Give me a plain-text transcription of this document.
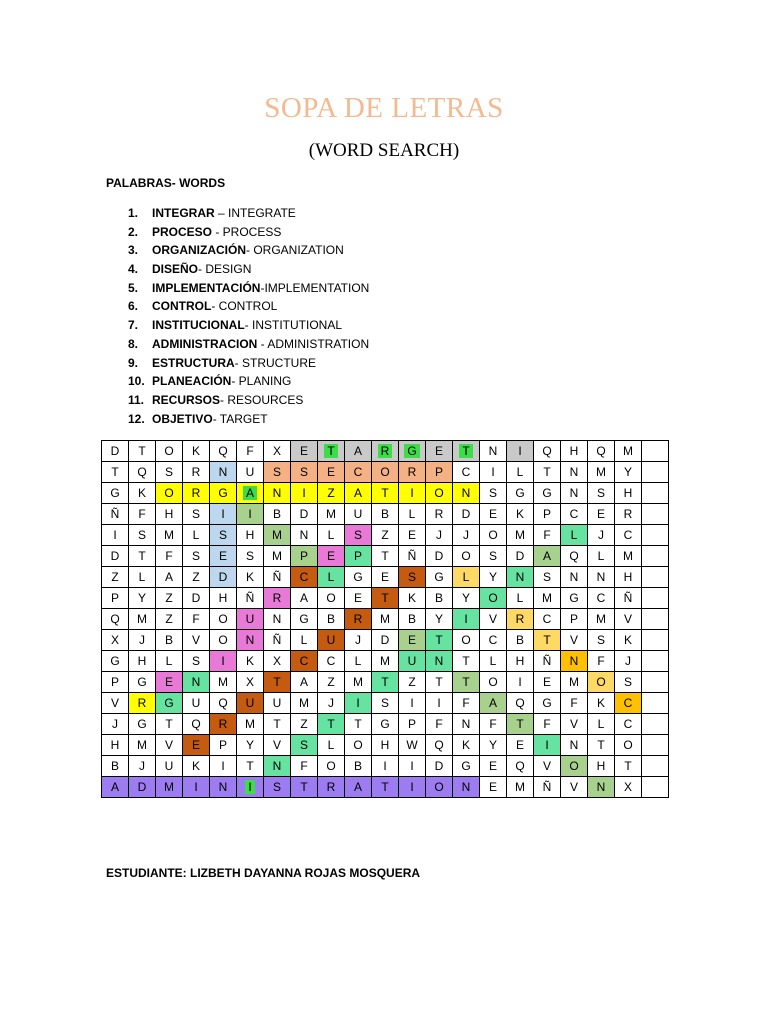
SOPA DE LETRAS
(WORD SEARCH)
PALABRAS- WORDS
1. INTEGRAR – INTEGRATE
2. PROCESO - PROCESS
3. ORGANIZACIÓN- ORGANIZATION
4. DISEÑO- DESIGN
5. IMPLEMENTACIÓN-IMPLEMENTATION
6. CONTROL- CONTROL
7. INSTITUCIONAL- INSTITUTIONAL
8. ADMINISTRACION - ADMINISTRATION
9. ESTRUCTURA- STRUCTURE
10. PLANEACIÓN- PLANING
11. RECURSOS- RESOURCES
12. OBJETIVO- TARGET
D T O K Q F X E T A R G E T N I Q H Q M
T Q S R N U S S E C O R P C I L T N M Y
G K O R G A N I Z A T I O N S G G N S H
Ñ F H S I I B D M U B L R D E K P C E R
I S M L S H M N L S Z E J J O M F L J C
D T F S E S M P E P T Ñ D O S D A Q L M
Z L A Z D K Ñ C L G E S G L Y N S N N H
P Y Z D H Ñ R A O E T K B Y O L M G C Ñ
Q M Z F O U N G B R M B Y I V R C P M V
X J B V O N Ñ L U J D E T O C B T V S K
G H L S I K X C C L M U N T L H Ñ N F J
P G E N M X T A Z M T Z T T O I E M O S
V R G U Q U U M J I S I I F A Q G F K C
J G T Q R M T Z T T G P F N F T F V L C
H M V E P Y V S L O H W Q K Y E I N T O
B J U K I T N F O B I I D G E Q V O H T
A D M I N I S T R A T I O N E M Ñ V N X
ESTUDIANTE: LIZBETH DAYANNA ROJAS MOSQUERA
